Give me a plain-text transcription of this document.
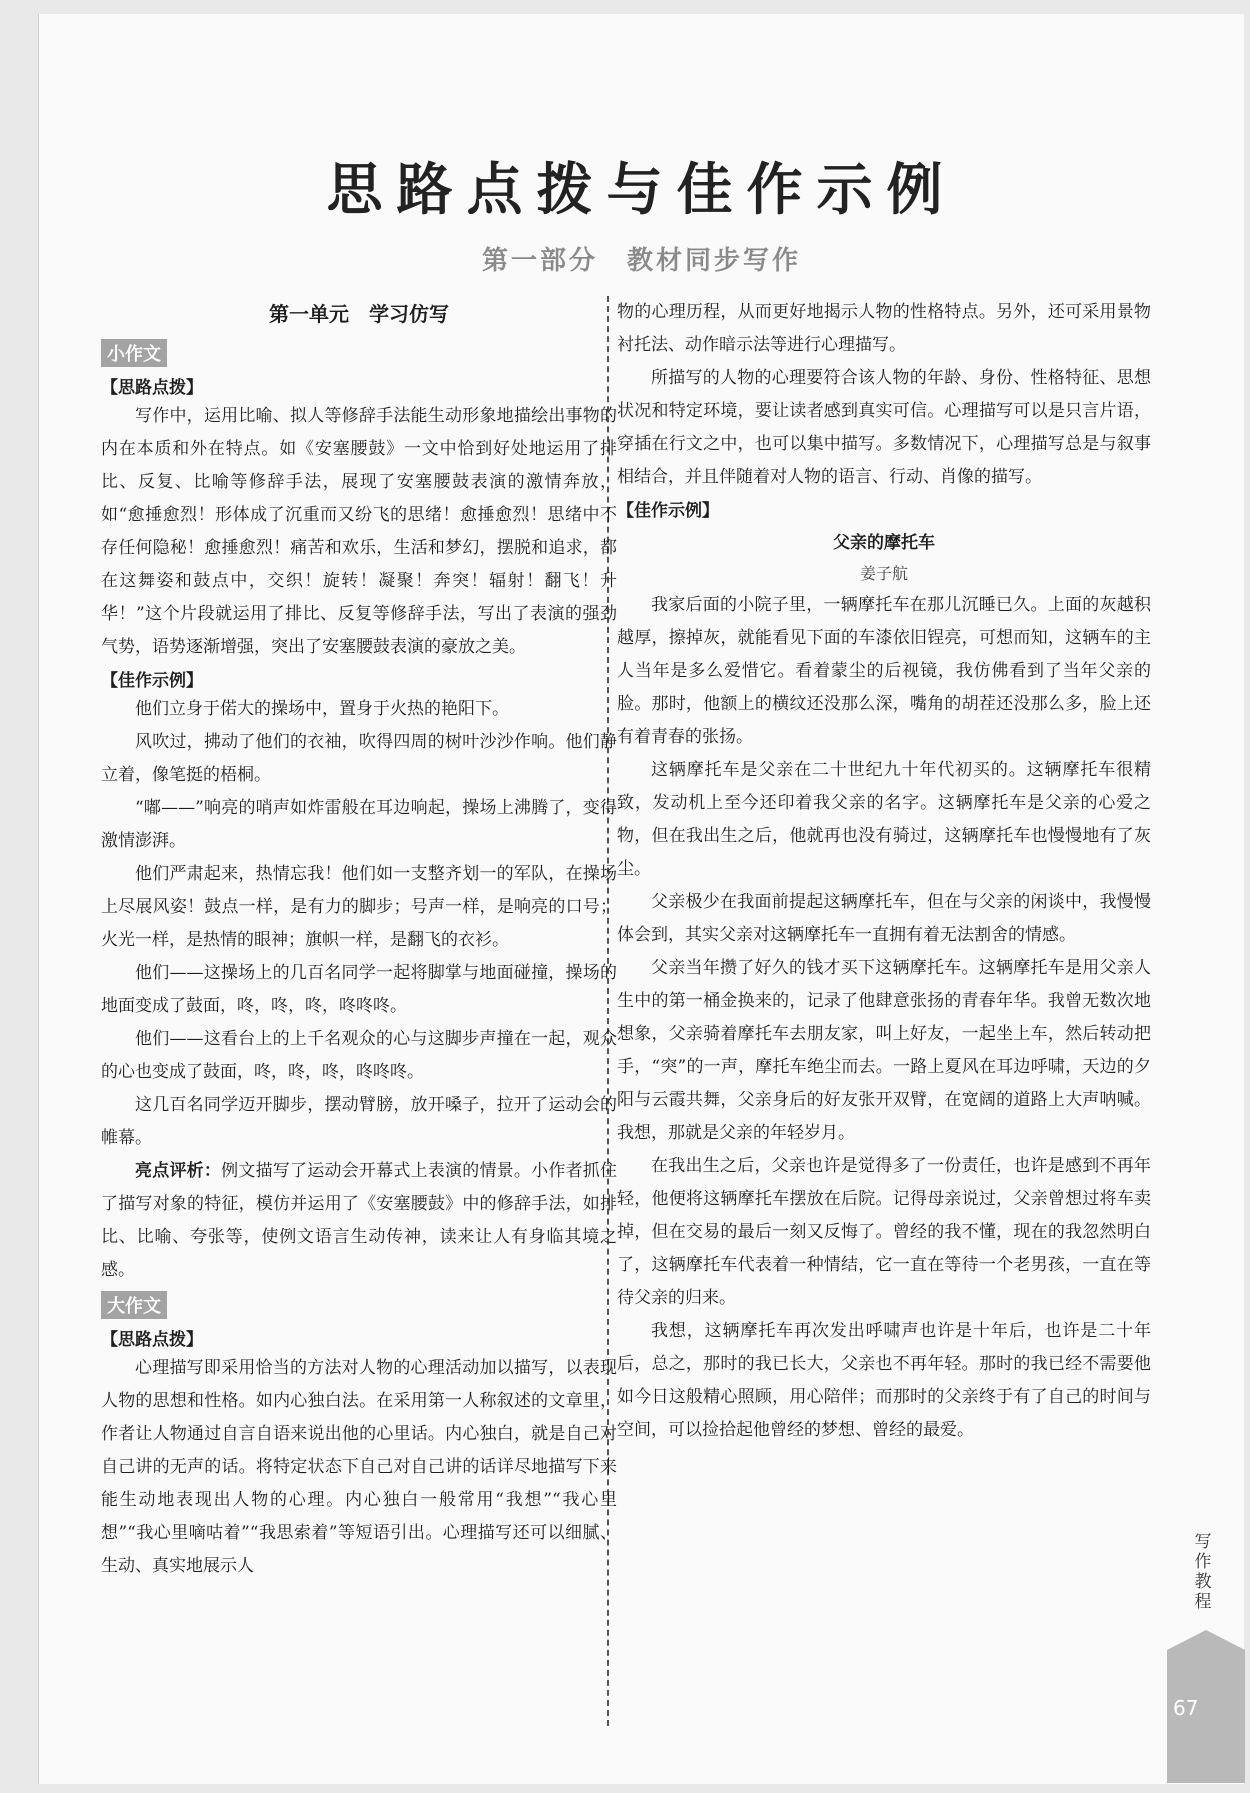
思路点拨与佳作示例
第一部分　教材同步写作
第一单元　学习仿写
小作文
【思路点拨】

写作中，运用比喻、拟人等修辞手法能生动形象地描绘出事物的内在本质和外在特点。如《安塞腰鼓》一文中恰到好处地运用了排比、反复、比喻等修辞手法，展现了安塞腰鼓表演的激情奔放，如“愈捶愈烈！形体成了沉重而又纷飞的思绪！愈捶愈烈！思绪中不存任何隐秘！愈捶愈烈！痛苦和欢乐，生活和梦幻，摆脱和追求，都在这舞姿和鼓点中，交织！旋转！凝聚！奔突！辐射！翻飞！升华！”这个片段就运用了排比、反复等修辞手法，写出了表演的强劲气势，语势逐渐增强，突出了安塞腰鼓表演的豪放之美。

【佳作示例】

他们立身于偌大的操场中，置身于火热的艳阳下。

风吹过，拂动了他们的衣袖，吹得四周的树叶沙沙作响。他们静立着，像笔挺的梧桐。

“嘟——”响亮的哨声如炸雷般在耳边响起，操场上沸腾了，变得激情澎湃。

他们严肃起来，热情忘我！他们如一支整齐划一的军队，在操场上尽展风姿！鼓点一样，是有力的脚步；号声一样，是响亮的口号；火光一样，是热情的眼神；旗帜一样，是翻飞的衣衫。

他们——这操场上的几百名同学一起将脚掌与地面碰撞，操场的地面变成了鼓面，咚，咚，咚，咚咚咚。

他们——这看台上的上千名观众的心与这脚步声撞在一起，观众的心也变成了鼓面，咚，咚，咚，咚咚咚。

这几百名同学迈开脚步，摆动臂膀，放开嗓子，拉开了运动会的帷幕。

亮点评析：例文描写了运动会开幕式上表演的情景。小作者抓住了描写对象的特征，模仿并运用了《安塞腰鼓》中的修辞手法，如排比、比喻、夸张等，使例文语言生动传神，读来让人有身临其境之感。

大作文
【思路点拨】

心理描写即采用恰当的方法对人物的心理活动加以描写，以表现人物的思想和性格。如内心独白法。在采用第一人称叙述的文章里，作者让人物通过自言自语来说出他的心里话。内心独白，就是自己对自己讲的无声的话。将特定状态下自己对自己讲的话详尽地描写下来能生动地表现出人物的心理。内心独白一般常用“我想”“我心里想”“我心里嘀咕着”“我思索着”等短语引出。心理描写还可以细腻、生动、真实地展示人

物的心理历程，从而更好地揭示人物的性格特点。另外，还可采用景物衬托法、动作暗示法等进行心理描写。

所描写的人物的心理要符合该人物的年龄、身份、性格特征、思想状况和特定环境，要让读者感到真实可信。心理描写可以是只言片语，穿插在行文之中，也可以集中描写。多数情况下，心理描写总是与叙事相结合，并且伴随着对人物的语言、行动、肖像的描写。

【佳作示例】
父亲的摩托车
姜子航

我家后面的小院子里，一辆摩托车在那儿沉睡已久。上面的灰越积越厚，擦掉灰，就能看见下面的车漆依旧锃亮，可想而知，这辆车的主人当年是多么爱惜它。看着蒙尘的后视镜，我仿佛看到了当年父亲的脸。那时，他额上的横纹还没那么深，嘴角的胡茬还没那么多，脸上还有着青春的张扬。

这辆摩托车是父亲在二十世纪九十年代初买的。这辆摩托车很精致，发动机上至今还印着我父亲的名字。这辆摩托车是父亲的心爱之物，但在我出生之后，他就再也没有骑过，这辆摩托车也慢慢地有了灰尘。

父亲极少在我面前提起这辆摩托车，但在与父亲的闲谈中，我慢慢体会到，其实父亲对这辆摩托车一直拥有着无法割舍的情感。

父亲当年攒了好久的钱才买下这辆摩托车。这辆摩托车是用父亲人生中的第一桶金换来的，记录了他肆意张扬的青春年华。我曾无数次地想象，父亲骑着摩托车去朋友家，叫上好友，一起坐上车，然后转动把手，“突”的一声，摩托车绝尘而去。一路上夏风在耳边呼啸，天边的夕阳与云霞共舞，父亲身后的好友张开双臂，在宽阔的道路上大声呐喊。我想，那就是父亲的年轻岁月。

在我出生之后，父亲也许是觉得多了一份责任，也许是感到不再年轻，他便将这辆摩托车摆放在后院。记得母亲说过，父亲曾想过将车卖掉，但在交易的最后一刻又反悔了。曾经的我不懂，现在的我忽然明白了，这辆摩托车代表着一种情结，它一直在等待一个老男孩，一直在等待父亲的归来。

我想，这辆摩托车再次发出呼啸声也许是十年后，也许是二十年后，总之，那时的我已长大，父亲也不再年轻。那时的我已经不需要他如今日这般精心照顾，用心陪伴；而那时的父亲终于有了自己的时间与空间，可以捡拾起他曾经的梦想、曾经的最爱。

写作教程
67
